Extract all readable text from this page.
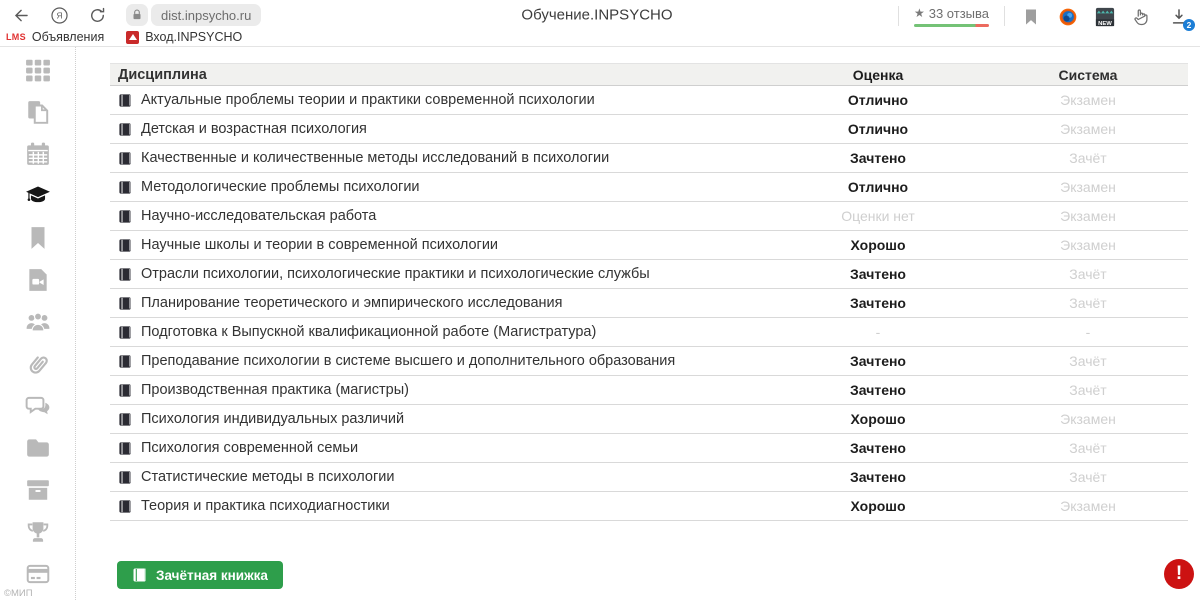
Я	dist.inpsycho.ru	Обучение.INPSYCHO	★ 33 отзыва
NEW	2
LMS Объявления	Вход.INPSYCHO
©МИП
Дисциплина	Оценка	Система
Актуальные проблемы теории и практики современной психологии	Отлично	Экзамен
Детская и возрастная психология	Отлично	Экзамен
Качественные и количественные методы исследований в психологии	Зачтено	Зачёт
Методологические проблемы психологии	Отлично	Экзамен
Научно-исследовательская работа	Оценки нет	Экзамен
Научные школы и теории в современной психологии	Хорошо	Экзамен
Отрасли психологии, психологические практики и психологические службы	Зачтено	Зачёт
Планирование теоретического и эмпирического исследования	Зачтено	Зачёт
Подготовка к Выпускной квалификационной работе (Магистратура)	-	-
Преподавание психологии в системе высшего и дополнительного образования	Зачтено	Зачёт
Производственная практика (магистры)	Зачтено	Зачёт
Психология индивидуальных различий	Хорошо	Экзамен
Психология современной семьи	Зачтено	Зачёт
Статистические методы в психологии	Зачтено	Зачёт
Теория и практика психодиагностики	Хорошо	Экзамен
Зачётная книжка	!
